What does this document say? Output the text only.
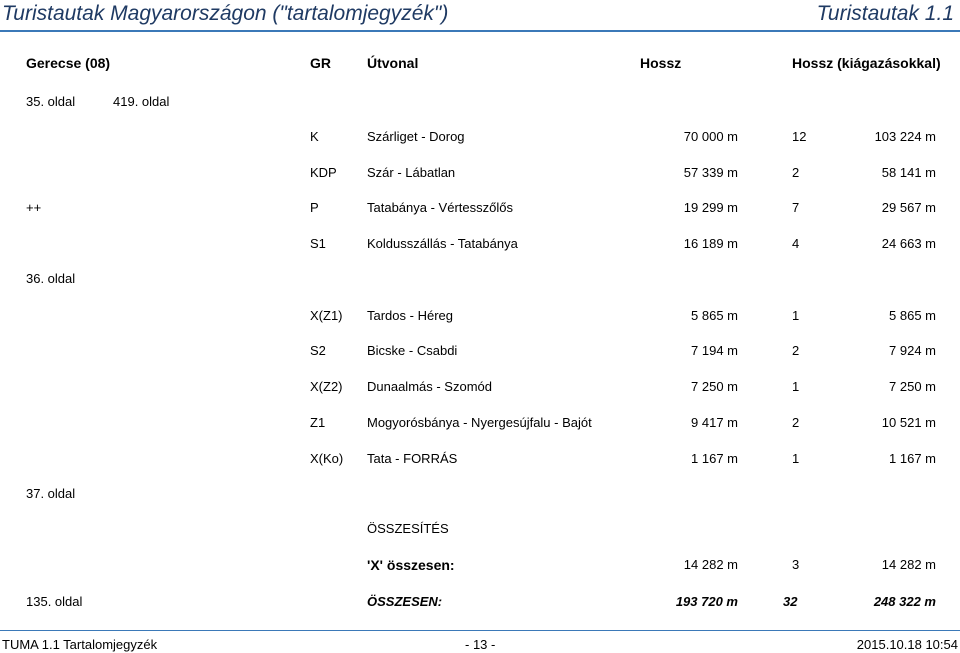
Turistautak Magyarországon ("tartalomjegyzék")	Turistautak 1.1
Gerecse (08)	GR	Útvonal	Hossz	Hossz (kiágazásokkal)
35. oldal	419. oldal
K	Szárliget - Dorog	70 000 m	12	103 224 m
KDP Szár - Lábatlan	57 339 m	2	58 141 m
++	P	Tatabánya - Vértesszőlős	19 299 m	7	29 567 m
S1	Koldusszállás - Tatabánya	16 189 m	4	24 663 m
36. oldal
X(Z1) Tardos - Héreg	5 865 m	1	5 865 m
S2	Bicske - Csabdi	7 194 m	2	7 924 m
X(Z2) Dunaalmás - Szomód	7 250 m	1	7 250 m
Z1	Mogyorósbánya - Nyergesújfalu - Bajót	9 417 m	2	10 521 m
X(Ko) Tata - FORRÁS	1 167 m	1	1 167 m
37. oldal
ÖSSZESÍTÉS
'X' összesen:	14 282 m	3	14 282 m
135. oldal	ÖSSZESEN:	193 720 m	32	248 322 m
TUMA 1.1 Tartalomjegyzék	- 13 -	2015.10.18 10:54
